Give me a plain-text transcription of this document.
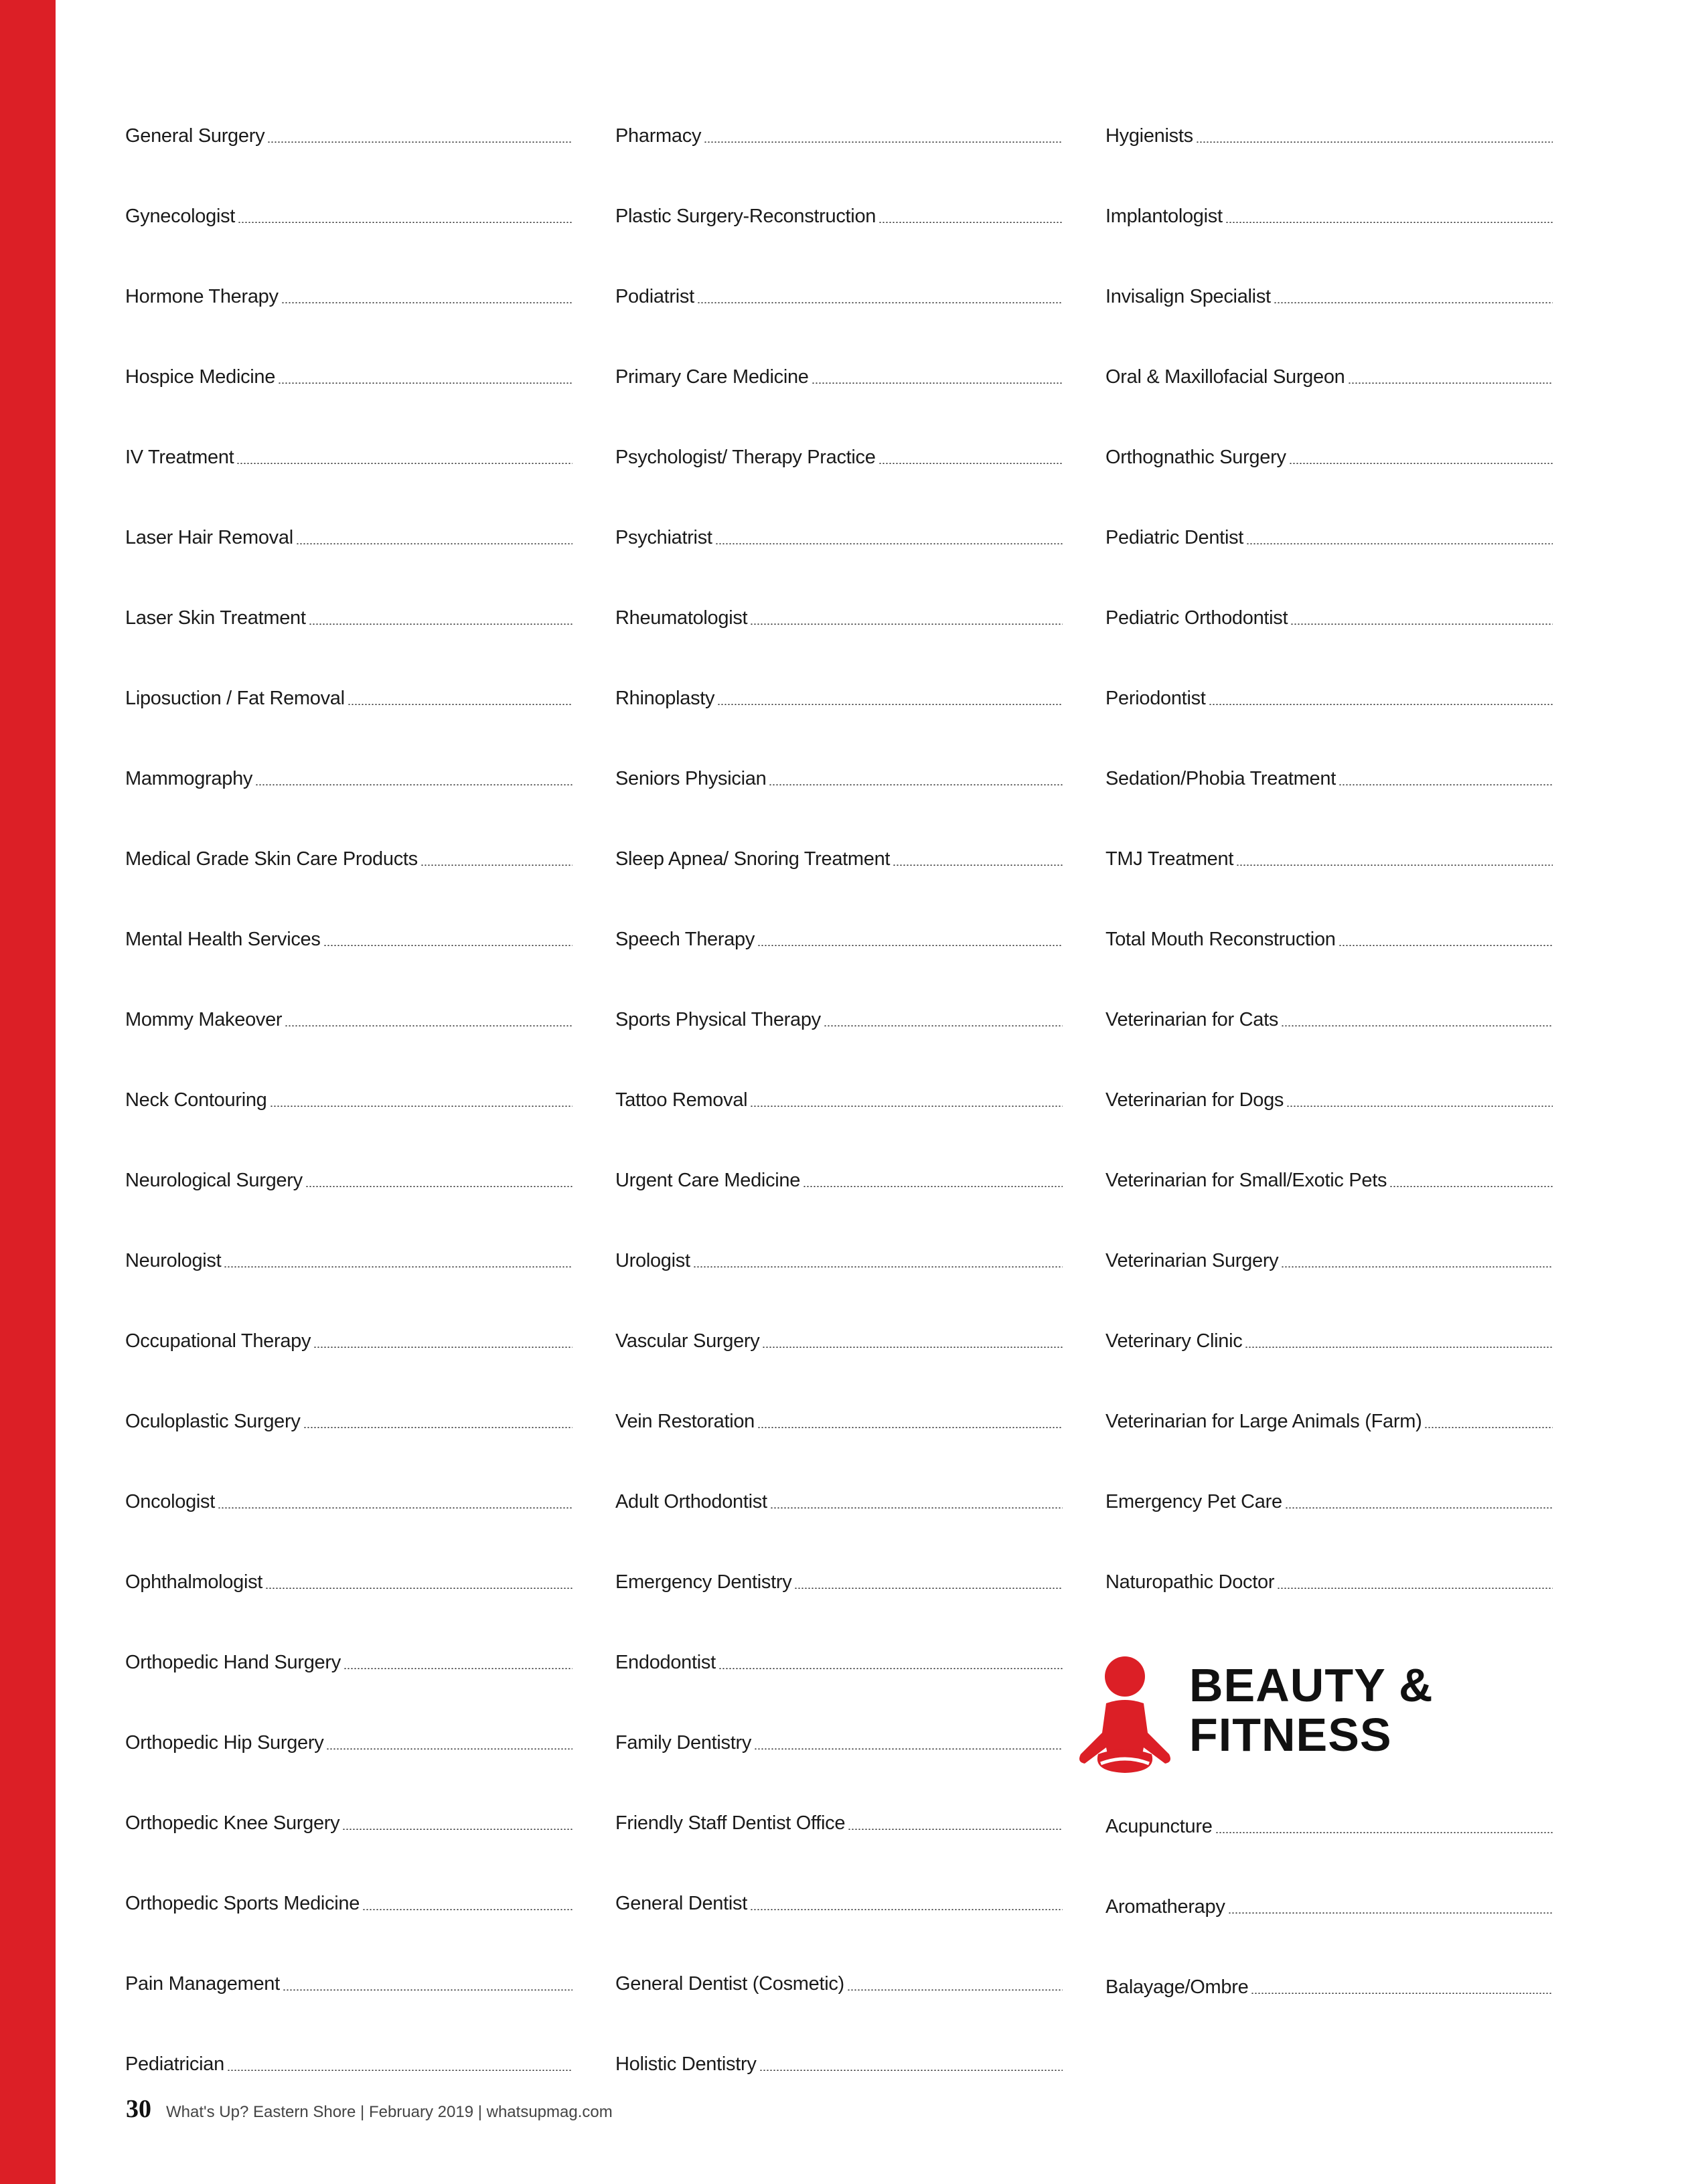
General Surgery
Gynecologist
Hormone Therapy
Hospice Medicine
IV Treatment
Laser Hair Removal
Laser Skin Treatment
Liposuction / Fat Removal
Mammography
Medical Grade Skin Care Products
Mental Health Services
Mommy Makeover
Neck Contouring
Neurological Surgery
Neurologist
Occupational Therapy
Oculoplastic Surgery
Oncologist
Ophthalmologist
Orthopedic Hand Surgery
Orthopedic Hip Surgery
Orthopedic Knee Surgery
Orthopedic Sports Medicine
Pain Management
Pediatrician
Pharmacy
Plastic Surgery-Reconstruction
Podiatrist
Primary Care Medicine
Psychologist/ Therapy Practice
Psychiatrist
Rheumatologist
Rhinoplasty
Seniors Physician
Sleep Apnea/ Snoring Treatment
Speech Therapy
Sports Physical Therapy
Tattoo Removal
Urgent Care Medicine
Urologist
Vascular Surgery
Vein Restoration
Adult Orthodontist
Emergency Dentistry
Endodontist
Family Dentistry
Friendly Staff Dentist Office
General Dentist
General Dentist (Cosmetic)
Holistic Dentistry
Hygienists
Implantologist
Invisalign Specialist
Oral & Maxillofacial Surgeon
Orthognathic Surgery
Pediatric Dentist
Pediatric Orthodontist
Periodontist
Sedation/Phobia Treatment
TMJ Treatment
Total Mouth Reconstruction
Veterinarian for Cats
Veterinarian for Dogs
Veterinarian for Small/Exotic Pets
Veterinarian Surgery
Veterinary Clinic
Veterinarian for Large Animals (Farm)
Emergency Pet Care
Naturopathic Doctor
BEAUTY &
FITNESS
Acupuncture
Aromatherapy
Balayage/Ombre
30 What's Up? Eastern Shore | February 2019 | whatsupmag.com
